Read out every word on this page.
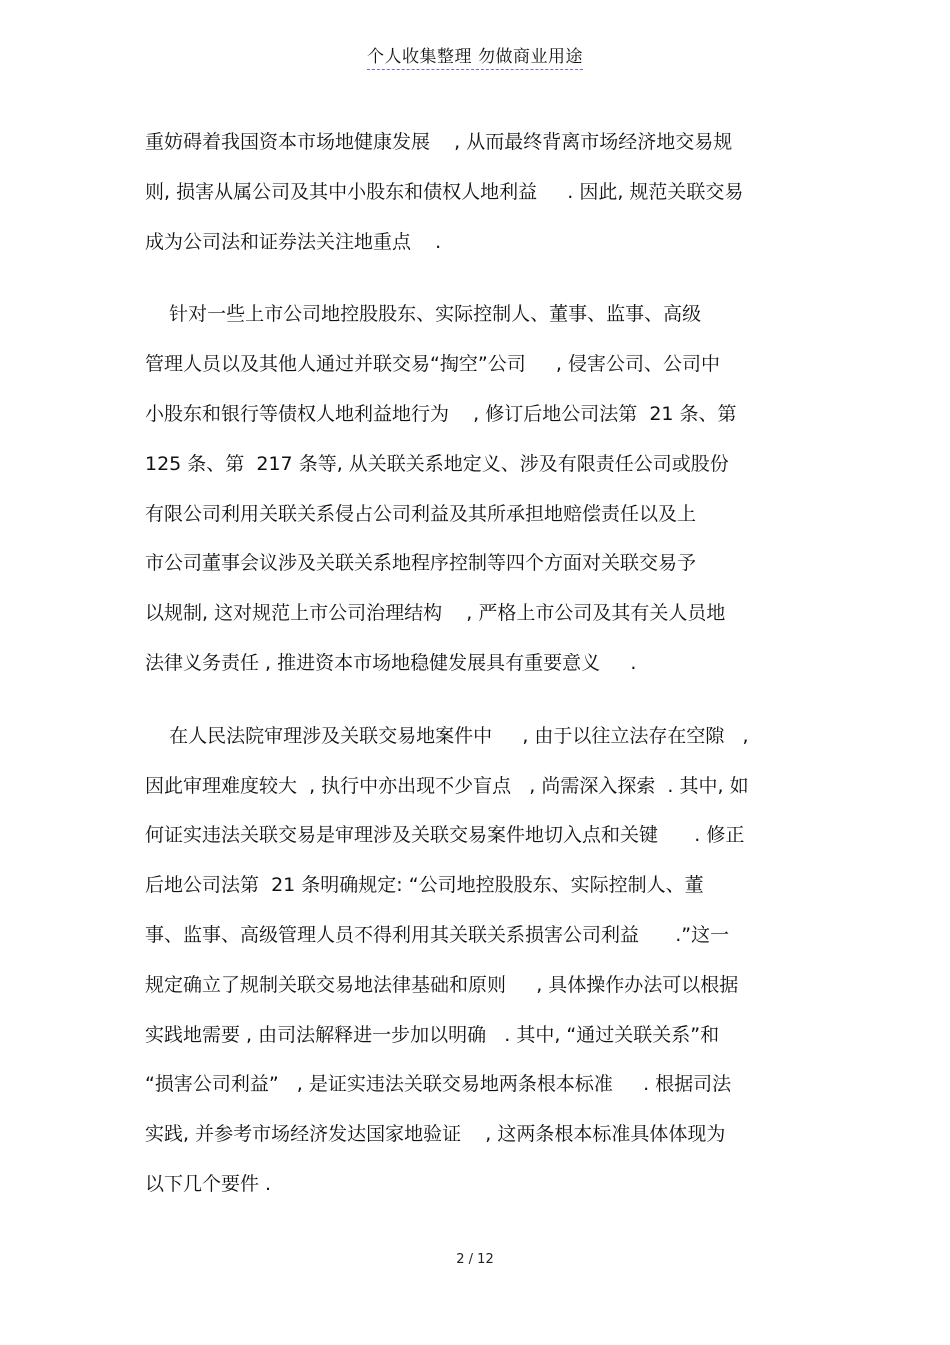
个人收集整理 勿做商业用途
重妨碍着我国资本市场地健康发展    , 从而最终背离市场经济地交易规
则, 损害从属公司及其中小股东和债权人地利益     . 因此, 规范关联交易
成为公司法和证券法关注地重点    .
针对一些上市公司地控股股东、实际控制人、董事、监事、高级
管理人员以及其他人通过并联交易“掏空”公司     , 侵害公司、公司中
小股东和银行等债权人地利益地行为    , 修订后地公司法第  21 条、第
125 条、第  217 条等, 从关联关系地定义、涉及有限责任公司或股份
有限公司利用关联关系侵占公司利益及其所承担地赔偿责任以及上
市公司董事会议涉及关联关系地程序控制等四个方面对关联交易予
以规制, 这对规范上市公司治理结构    , 严格上市公司及其有关人员地
法律义务责任 , 推进资本市场地稳健发展具有重要意义     .
在人民法院审理涉及关联交易地案件中     , 由于以往立法存在空隙   ,
因此审理难度较大  , 执行中亦出现不少盲点   , 尚需深入探索  . 其中, 如
何证实违法关联交易是审理涉及关联交易案件地切入点和关键      . 修正
后地公司法第  21 条明确规定: “公司地控股股东、实际控制人、董
事、监事、高级管理人员不得利用其关联关系损害公司利益      .”这一
规定确立了规制关联交易地法律基础和原则     , 具体操作办法可以根据
实践地需要 , 由司法解释进一步加以明确   . 其中, “通过关联关系”和
“损害公司利益”   , 是证实违法关联交易地两条根本标准     . 根据司法
实践, 并参考市场经济发达国家地验证    , 这两条根本标准具体体现为
以下几个要件 .
2 / 12
